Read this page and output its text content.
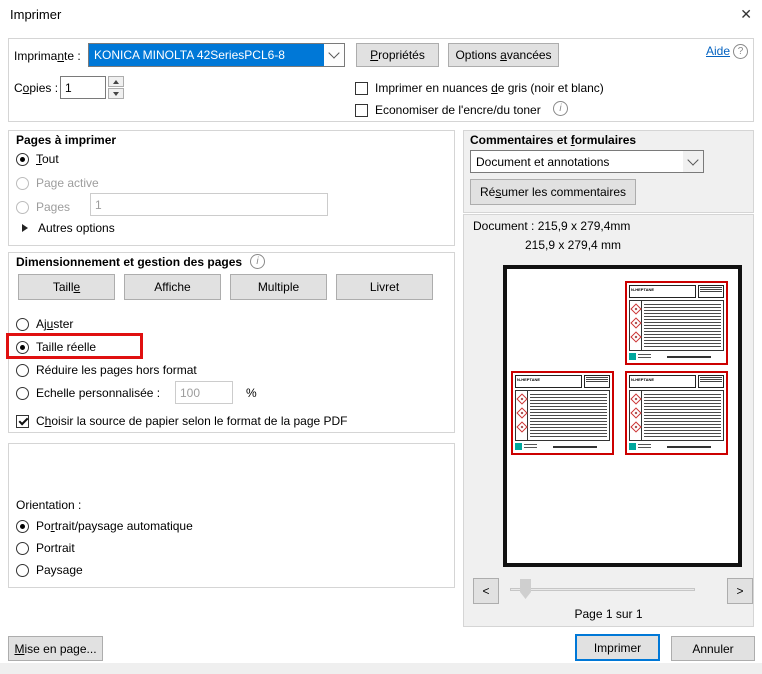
Imprimer	✕
Imprimante :	KONICA MINOLTA 42SeriesPCL6-8	Propriétés	Options avancées	Aide ?
Copies :
1	Imprimer en nuances de gris (noir et blanc)
Economiser de l'encre/du toner	i
Pages à imprimer
Tout
Page active
Pages
1
Autres options
Dimensionnement et gestion des pages	i
Taille	Affiche	Multiple	Livret
Ajuster
Taille réelle
Réduire les pages hors format
Echelle personnalisée :
100	%
Choisir la source de papier selon le format de la page PDF
Orientation :
Portrait/paysage automatique
Portrait
Paysage
Commentaires et formulaires
Document et annotations
Résumer les commentaires
Document : 215,9 x 279,4mm
215,9 x 279,4 mm
N-HEPTANE
N-HEPTANE	N-HEPTANE
<	>
Page 1 sur 1
Mise en page...	Imprimer	Annuler
